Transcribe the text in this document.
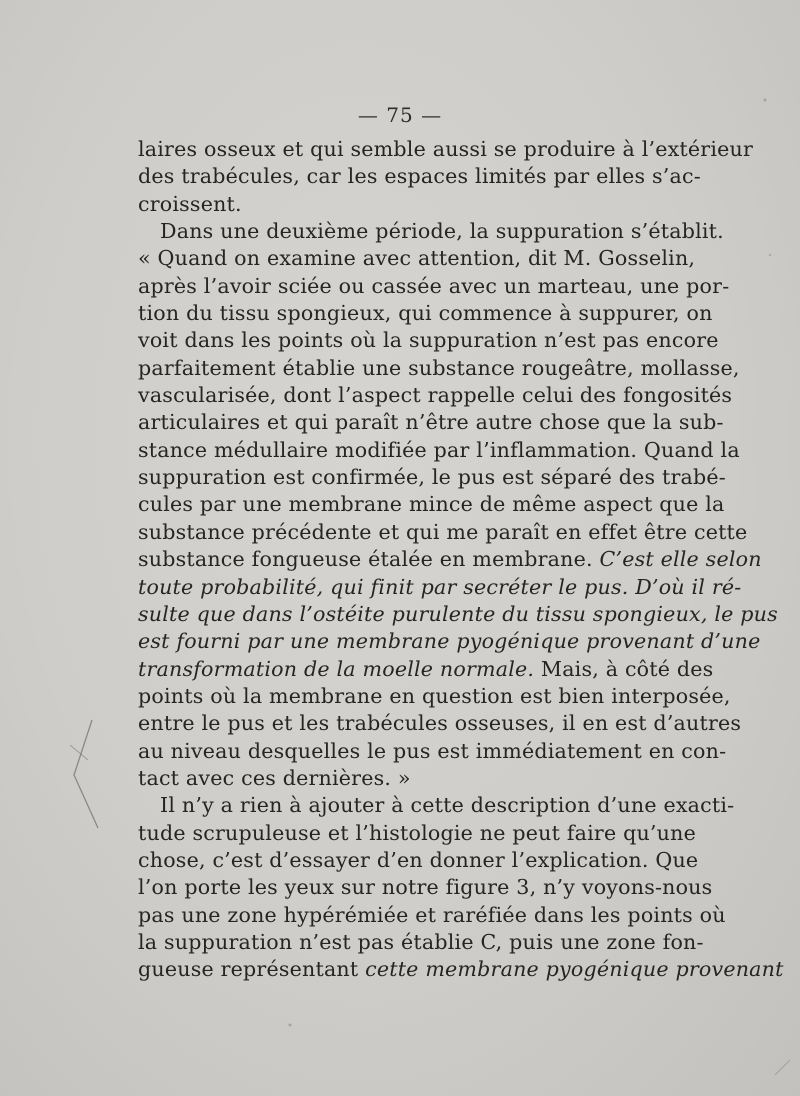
— 75 —
laires osseux et qui semble aussi se produire à l’extérieur
des trabécules, car les espaces limités par elles s’ac-
croissent.
Dans une deuxième période, la suppuration s’établit.
« Quand on examine avec attention, dit M. Gosselin,
après l’avoir sciée ou cassée avec un marteau, une por-
tion du tissu spongieux, qui commence à suppurer, on
voit dans les points où la suppuration n’est pas encore
parfaitement établie une substance rougeâtre, mollasse,
vascularisée, dont l’aspect rappelle celui des fongosités
articulaires et qui paraît n’être autre chose que la sub-
stance médullaire modifiée par l’inflammation. Quand la
suppuration est confirmée, le pus est séparé des trabé-
cules par une membrane mince de même aspect que la
substance précédente et qui me paraît en effet être cette
substance fongueuse étalée en membrane. C’est elle selon
toute probabilité, qui finit par secréter le pus. D’où il ré-
sulte que dans l’ostéite purulente du tissu spongieux, le pus
est fourni par une membrane pyogénique provenant d’une
transformation de la moelle normale. Mais, à côté des
points où la membrane en question est bien interposée,
entre le pus et les trabécules osseuses, il en est d’autres
au niveau desquelles le pus est immédiatement en con-
tact avec ces dernières. »
Il n’y a rien à ajouter à cette description d’une exacti-
tude scrupuleuse et l’histologie ne peut faire qu’une
chose, c’est d’essayer d’en donner l’explication. Que
l’on porte les yeux sur notre figure 3, n’y voyons-nous
pas une zone hypérémiée et raréfiée dans les points où
la suppuration n’est pas établie C, puis une zone fon-
gueuse représentant cette membrane pyogénique provenant
